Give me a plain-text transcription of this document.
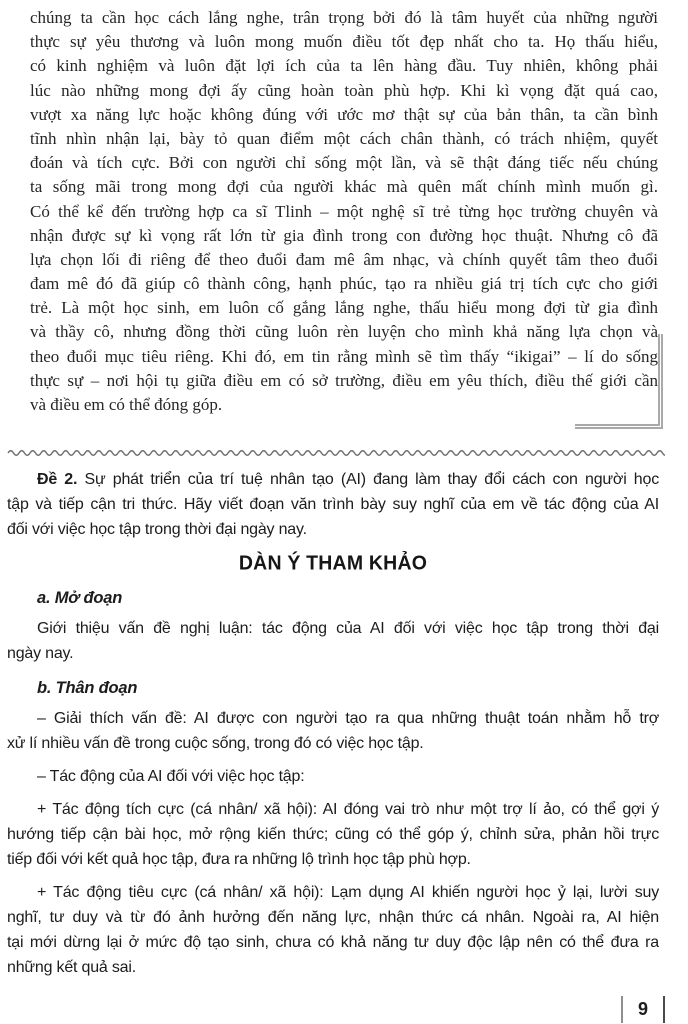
chúng ta cần học cách lắng nghe, trân trọng bởi đó là tâm huyết của những người
thực sự yêu thương và luôn mong muốn điều tốt đẹp nhất cho ta. Họ thấu hiểu,
có kinh nghiệm và luôn đặt lợi ích của ta lên hàng đầu. Tuy nhiên, không phải
lúc nào những mong đợi ấy cũng hoàn toàn phù hợp. Khi kì vọng đặt quá cao,
vượt xa năng lực hoặc không đúng với ước mơ thật sự của bản thân, ta cần bình
tĩnh nhìn nhận lại, bày tỏ quan điểm một cách chân thành, có trách nhiệm, quyết
đoán và tích cực. Bởi con người chỉ sống một lần, và sẽ thật đáng tiếc nếu chúng
ta sống mãi trong mong đợi của người khác mà quên mất chính mình muốn gì.
Có thể kể đến trường hợp ca sĩ Tlinh – một nghệ sĩ trẻ từng học trường chuyên và
nhận được sự kì vọng rất lớn từ gia đình trong con đường học thuật. Nhưng cô đã
lựa chọn lối đi riêng để theo đuổi đam mê âm nhạc, và chính quyết tâm theo đuổi
đam mê đó đã giúp cô thành công, hạnh phúc, tạo ra nhiều giá trị tích cực cho giới
trẻ. Là một học sinh, em luôn cố gắng lắng nghe, thấu hiểu mong đợi từ gia đình
và thầy cô, nhưng đồng thời cũng luôn rèn luyện cho mình khả năng lựa chọn và
theo đuổi mục tiêu riêng. Khi đó, em tin rằng mình sẽ tìm thấy “ikigai” – lí do sống
thực sự – nơi hội tụ giữa điều em có sở trường, điều em yêu thích, điều thế giới cần
và điều em có thể đóng góp.
Đề 2. Sự phát triển của trí tuệ nhân tạo (AI) đang làm thay đổi cách con người học
tập và tiếp cận tri thức. Hãy viết đoạn văn trình bày suy nghĩ của em về tác động của AI
đối với việc học tập trong thời đại ngày nay.
DÀN Ý THAM KHẢO
a. Mở đoạn
Giới thiệu vấn đề nghị luận: tác động của AI đối với việc học tập trong thời đại
ngày nay.
b. Thân đoạn
– Giải thích vấn đề: AI được con người tạo ra qua những thuật toán nhằm hỗ trợ
xử lí nhiều vấn đề trong cuộc sống, trong đó có việc học tập.
– Tác động của AI đối với việc học tập:
+ Tác động tích cực (cá nhân/ xã hội): AI đóng vai trò như một trợ lí ảo, có thể gợi ý
hướng tiếp cận bài học, mở rộng kiến thức; cũng có thể góp ý, chỉnh sửa, phản hồi trực
tiếp đối với kết quả học tập, đưa ra những lộ trình học tập phù hợp.
+ Tác động tiêu cực (cá nhân/ xã hội): Lạm dụng AI khiến người học ỷ lại, lười suy
nghĩ, tư duy và từ đó ảnh hưởng đến năng lực, nhận thức cá nhân. Ngoài ra, AI hiện
tại mới dừng lại ở mức độ tạo sinh, chưa có khả năng tư duy độc lập nên có thể đưa ra
những kết quả sai.
9
